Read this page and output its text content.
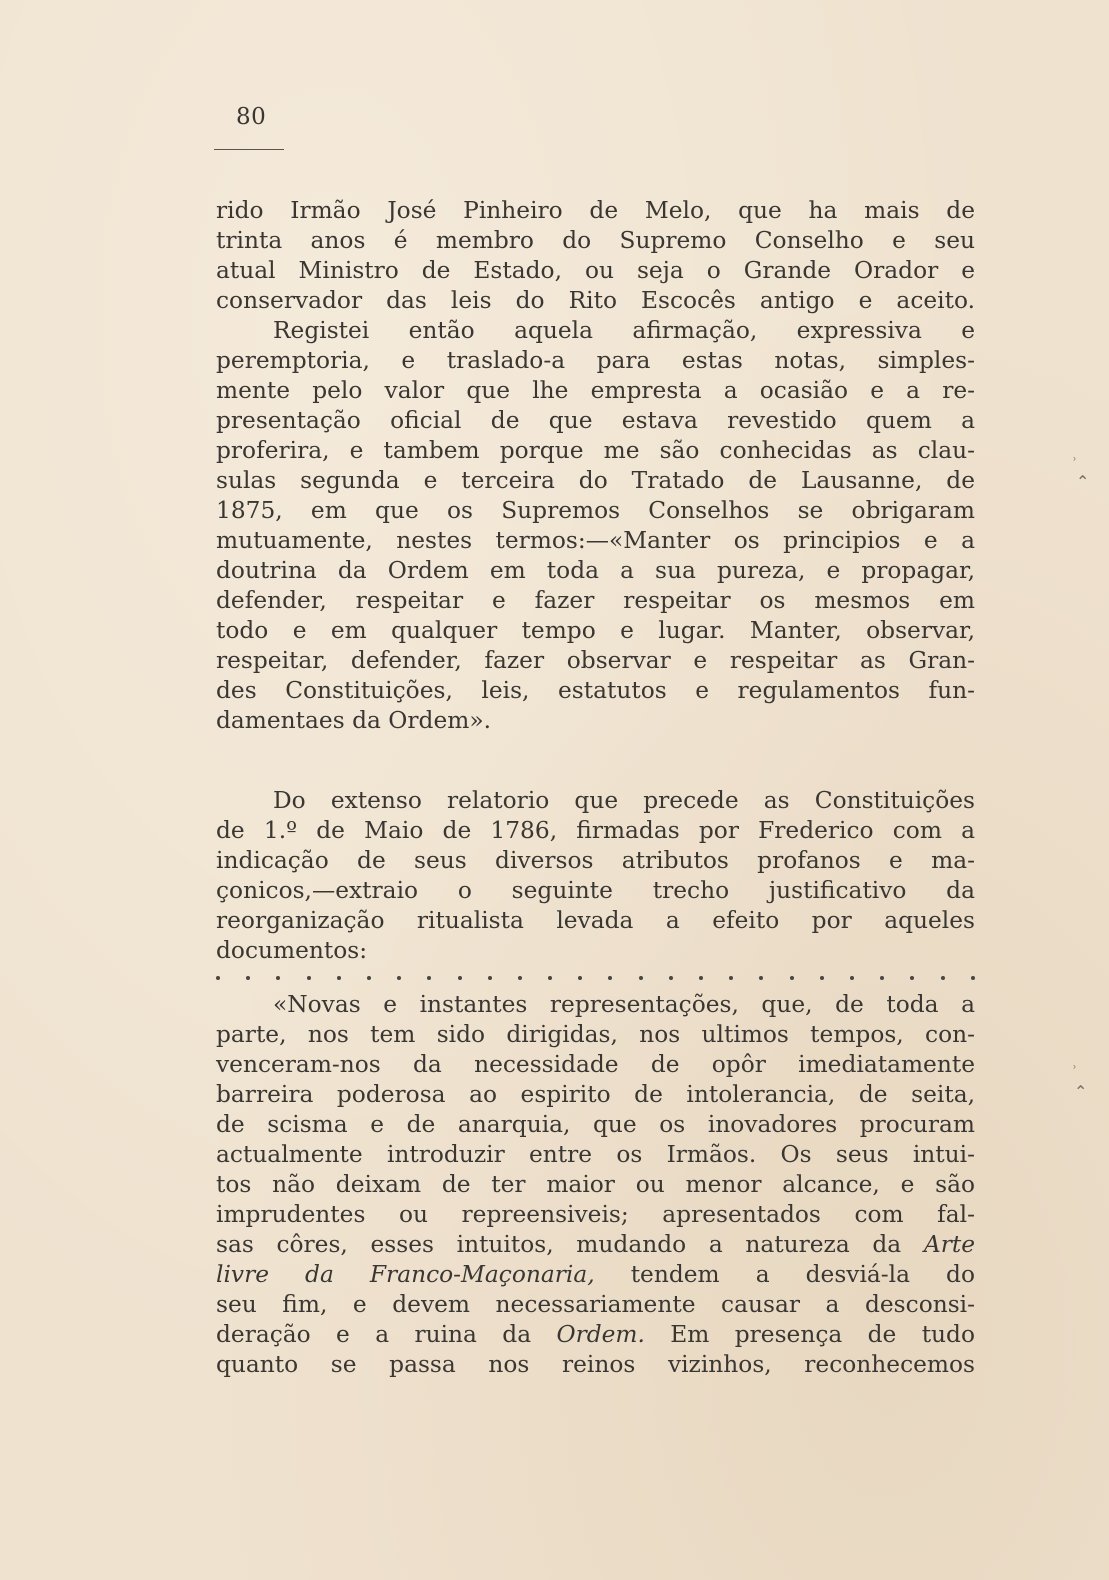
80
rido Irmão José Pinheiro de Melo, que ha mais de
trinta anos é membro do Supremo Conselho e seu
atual Ministro de Estado, ou seja o Grande Orador e
conservador das leis do Rito Escocês antigo e aceito.
Registei então aquela afirmação, expressiva e
peremptoria, e traslado-a para estas notas, simples-
mente pelo valor que lhe empresta a ocasião e a re-
presentação oficial de que estava revestido quem a
proferira, e tambem porque me são conhecidas as clau-
sulas segunda e terceira do Tratado de Lausanne, de
1875, em que os Supremos Conselhos se obrigaram
mutuamente, nestes termos:—«Manter os principios e a
doutrina da Ordem em toda a sua pureza, e propagar,
defender, respeitar e fazer respeitar os mesmos em
todo e em qualquer tempo e lugar. Manter, observar,
respeitar, defender, fazer observar e respeitar as Gran-
des Constituições, leis, estatutos e regulamentos fun-
damentaes da Ordem».
Do extenso relatorio que precede as Constituições
de 1.º de Maio de 1786, firmadas por Frederico com a
indicação de seus diversos atributos profanos e ma-
çonicos,—extraio o seguinte trecho justificativo da
reorganização ritualista levada a efeito por aqueles
documentos:
«Novas e instantes representações, que, de toda a
parte, nos tem sido dirigidas, nos ultimos tempos, con-
venceram-nos da necessidade de opôr imediatamente
barreira poderosa ao espirito de intolerancia, de seita,
de scisma e de anarquia, que os inovadores procuram
actualmente introduzir entre os Irmãos. Os seus intui-
tos não deixam de ter maior ou menor alcance, e são
imprudentes ou repreensiveis; apresentados com fal-
sas côres, esses intuitos, mudando a natureza da Arte
livre da Franco-Maçonaria, tendem a desviá-la do
seu fim, e devem necessariamente causar a desconsi-
deração e a ruina da Ordem. Em presença de tudo
quanto se passa nos reinos vizinhos, reconhecemos
⸒
⌃
⸒
⌃
